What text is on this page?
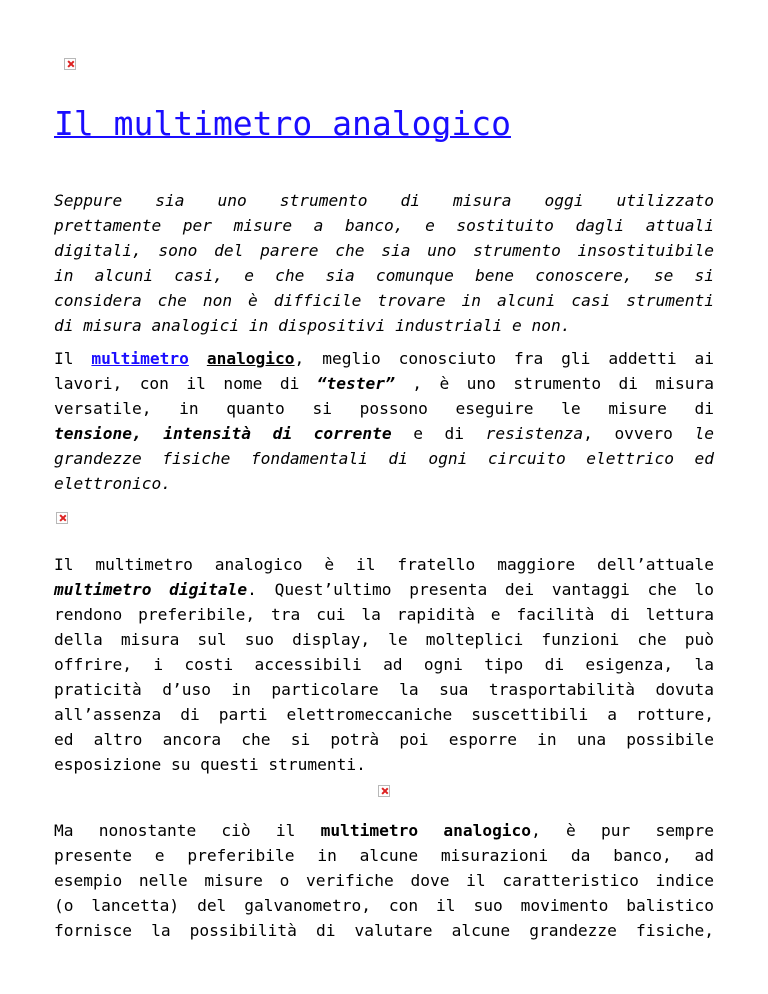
Il multimetro analogico
Seppure sia uno strumento di misura oggi utilizzato
prettamente per misure a banco, e sostituito dagli attuali
digitali, sono del parere che sia uno strumento insostituibile
in alcuni casi, e che sia comunque bene conoscere, se si
considera che non è difficile trovare in alcuni casi strumenti
di misura analogici in dispositivi industriali e non.
Il multimetro analogico, meglio conosciuto fra gli addetti ai
lavori, con il nome di “tester” , è uno strumento di misura
versatile, in quanto si possono eseguire le misure di
tensione, intensità di corrente e di resistenza, ovvero le
grandezze fisiche fondamentali di ogni circuito elettrico ed
elettronico.
Il multimetro analogico è il fratello maggiore dell’attuale
multimetro digitale. Quest’ultimo presenta dei vantaggi che lo
rendono preferibile, tra cui la rapidità e facilità di lettura
della misura sul suo display, le molteplici funzioni che può
offrire, i costi accessibili ad ogni tipo di esigenza, la
praticità d’uso in particolare la sua trasportabilità dovuta
all’assenza di parti elettromeccaniche suscettibili a rotture,
ed altro ancora che si potrà poi esporre in una possibile
esposizione su questi strumenti.
Ma nonostante ciò il multimetro analogico, è pur sempre
presente e preferibile in alcune misurazioni da banco, ad
esempio nelle misure o verifiche dove il caratteristico indice
(o lancetta) del galvanometro, con il suo movimento balistico
fornisce la possibilità di valutare alcune grandezze fisiche,
